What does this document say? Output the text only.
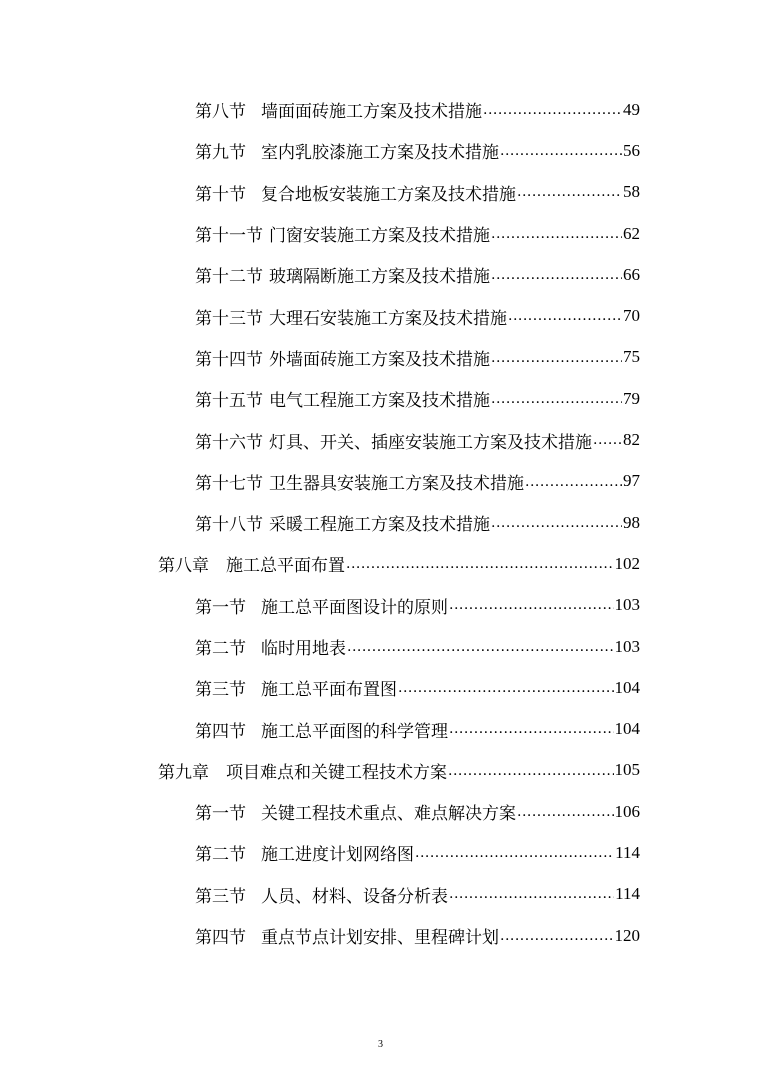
第八节 墙面面砖施工方案及技术措施 .....	49
第九节 室内乳胶漆施工方案及技术措施 .....	56
第十节 复合地板安装施工方案及技术措施 .....	58
第十一节 门窗安装施工方案及技术措施 .....	62
第十二节 玻璃隔断施工方案及技术措施 .....	66
第十三节 大理石安装施工方案及技术措施 .....	70
第十四节 外墙面砖施工方案及技术措施 .....	75
第十五节 电气工程施工方案及技术措施 .....	79
第十六节 灯具、开关、插座安装施工方案及技术措施 ..... 82
第十七节 卫生器具安装施工方案及技术措施 .....	97
第十八节 采暖工程施工方案及技术措施 .....	98
第八章	施工总平面布置 .....	102
第一节 施工总平面图设计的原则 .....	103
第二节 临时用地表 .....	103
第三节 施工总平面布置图 .....	104
第四节 施工总平面图的科学管理 .....	104
第九章	项目难点和关键工程技术方案 .....	105
第一节 关键工程技术重点、难点解决方案 .....	106
第二节 施工进度计划网络图 .....	114
第三节 人员、材料、设备分析表 .....	114
第四节 重点节点计划安排、里程碑计划 .....	120
3
